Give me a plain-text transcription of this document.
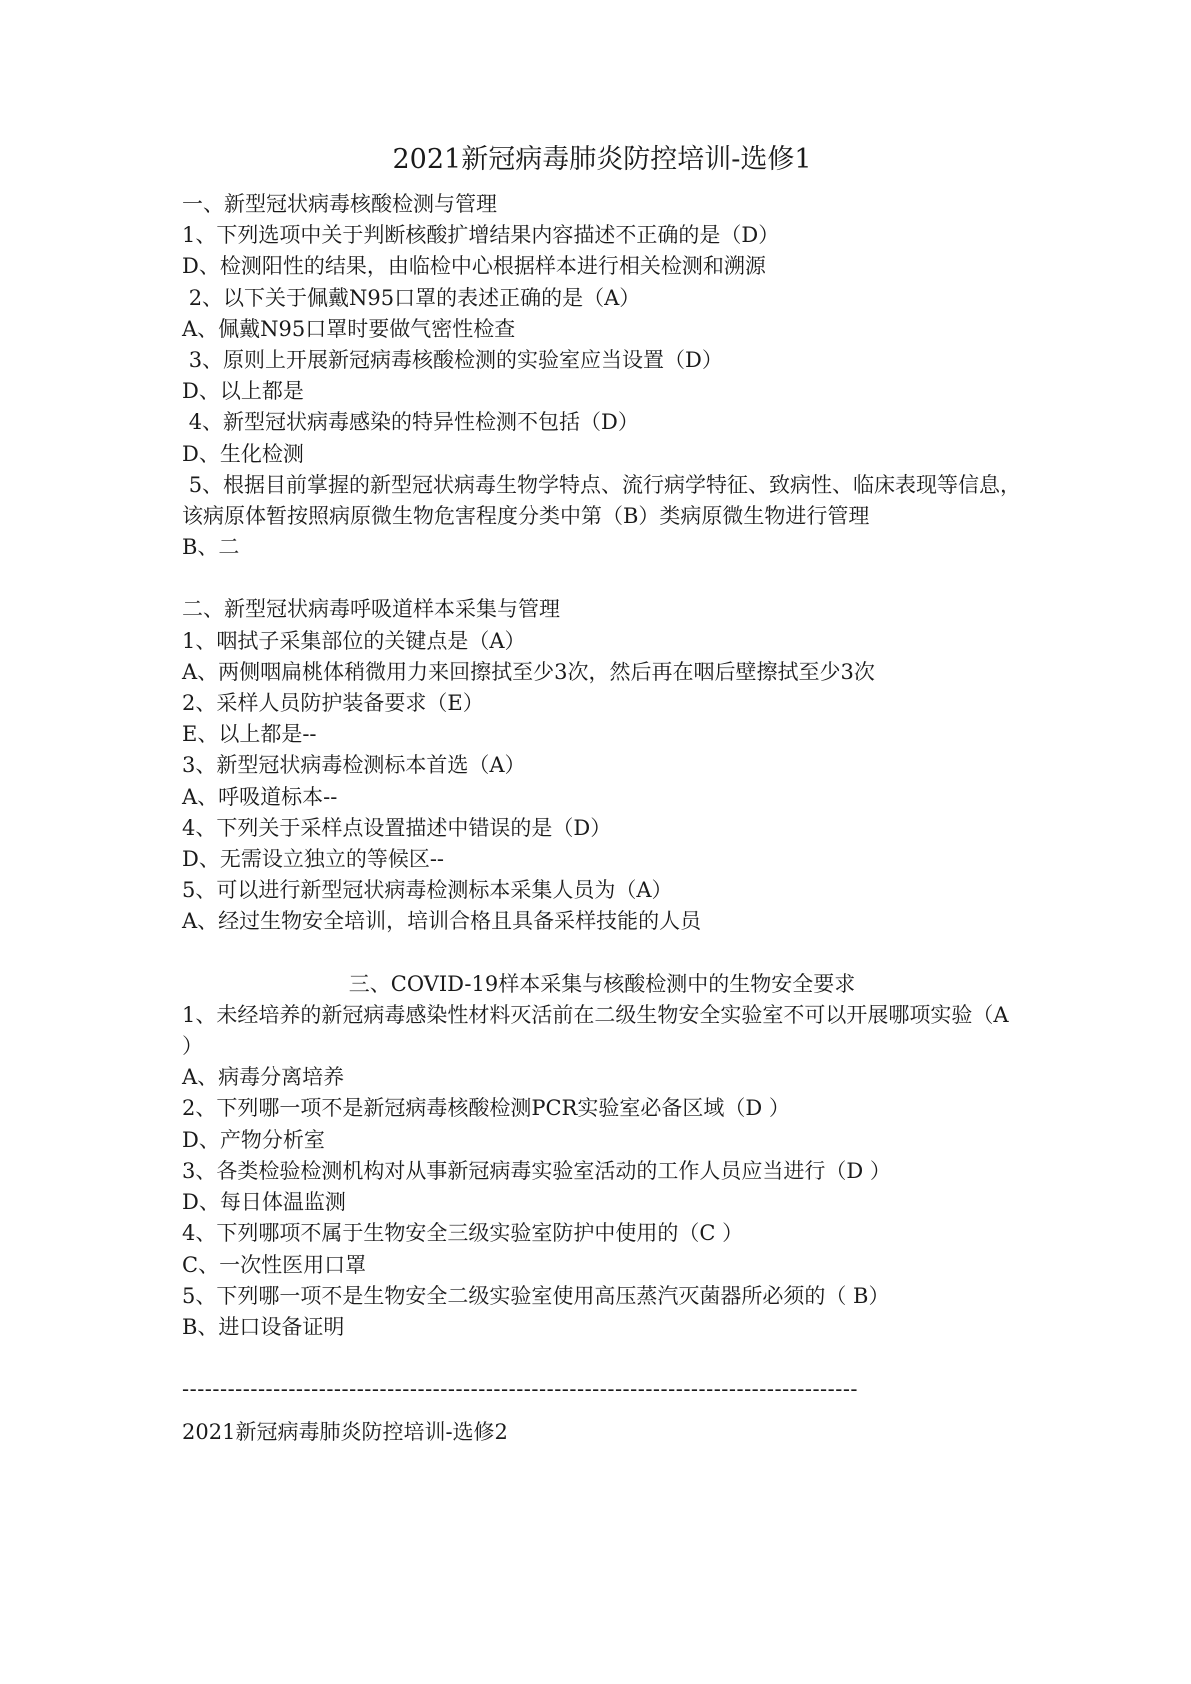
2021新冠病毒肺炎防控培训-选修1

一、新型冠状病毒核酸检测与管理

1、下列选项中关于判断核酸扩增结果内容描述不正确的是（D）

D、检测阳性的结果，由临检中心根据样本进行相关检测和溯源

2、以下关于佩戴N95口罩的表述正确的是（A）

A、佩戴N95口罩时要做气密性检查

3、原则上开展新冠病毒核酸检测的实验室应当设置（D）

D、以上都是

4、新型冠状病毒感染的特异性检测不包括（D）

D、生化检测

5、根据目前掌握的新型冠状病毒生物学特点、流行病学特征、致病性、临床表现等信息，该病原体暂按照病原微生物危害程度分类中第（B）类病原微生物进行管理

B、二

二、新型冠状病毒呼吸道样本采集与管理

1、咽拭子采集部位的关键点是（A）

A、两侧咽扁桃体稍微用力来回擦拭至少3次，然后再在咽后壁擦拭至少3次

2、采样人员防护装备要求（E）

E、以上都是--

3、新型冠状病毒检测标本首选（A）

A、呼吸道标本--

4、下列关于采样点设置描述中错误的是（D）

D、无需设立独立的等候区--

5、可以进行新型冠状病毒检测标本采集人员为（A）

A、经过生物安全培训，培训合格且具备采样技能的人员

三、COVID-19样本采集与核酸检测中的生物安全要求

1、未经培养的新冠病毒感染性材料灭活前在二级生物安全实验室不可以开展哪项实验（A ）

A、病毒分离培养

2、下列哪一项不是新冠病毒核酸检测PCR实验室必备区域（D ）

D、产物分析室

3、各类检验检测机构对从事新冠病毒实验室活动的工作人员应当进行（D ）

D、每日体温监测

4、下列哪项不属于生物安全三级实验室防护中使用的（C ）

C、一次性医用口罩

5、下列哪一项不是生物安全二级实验室使用高压蒸汽灭菌器所必须的（ B）

B、进口设备证明

-----------------------------------------------------------------------------------------

2021新冠病毒肺炎防控培训-选修2
